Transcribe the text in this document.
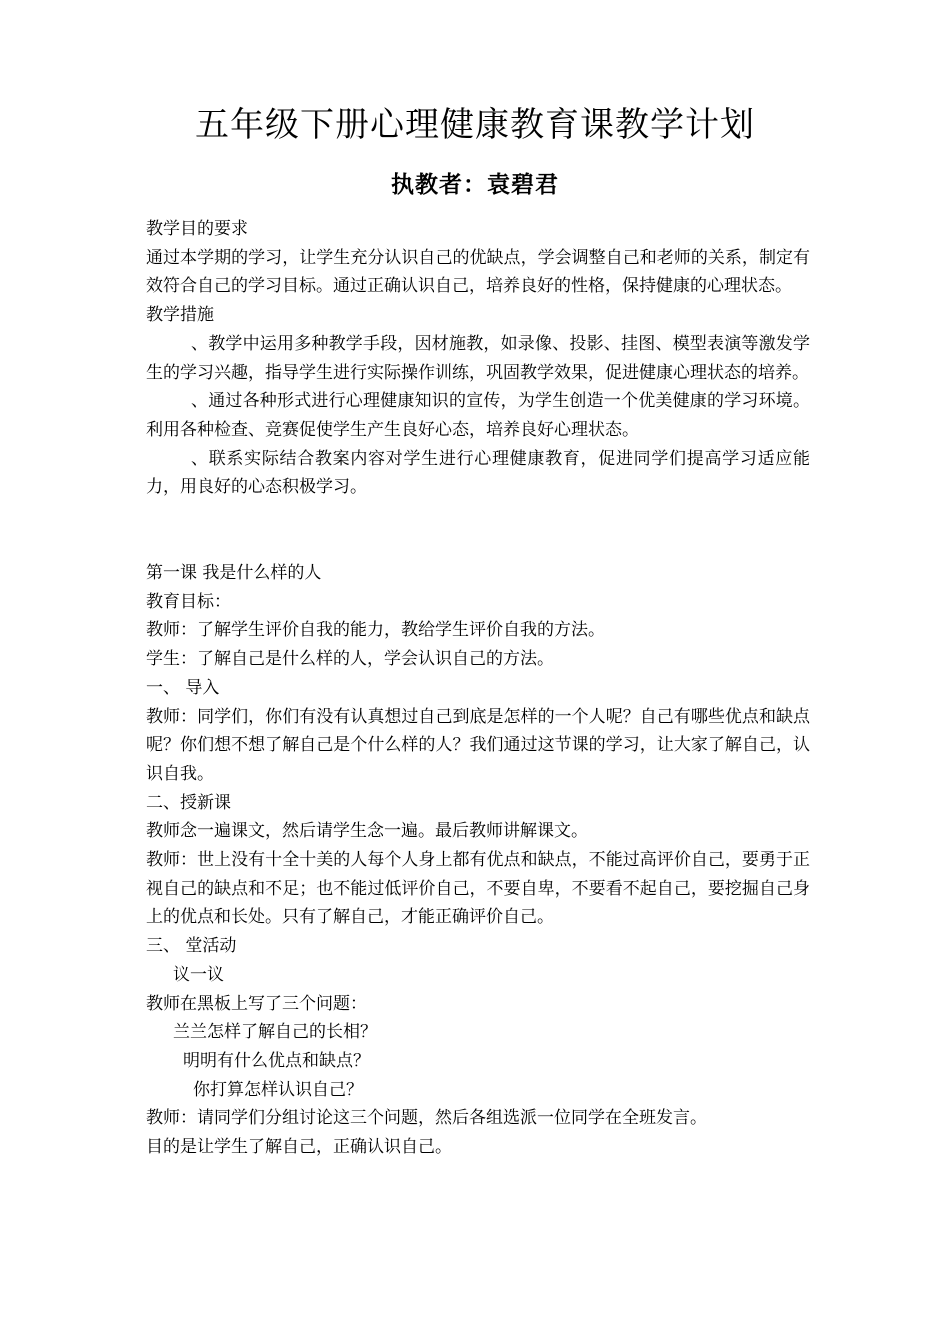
五年级下册心理健康教育课教学计划
执教者：袁碧君

教学目的要求

通过本学期的学习，让学生充分认识自己的优缺点，学会调整自己和老师的关系，制定有效符合自己的学习目标。通过正确认识自己，培养良好的性格，保持健康的心理状态。

教学措施

、教学中运用多种教学手段，因材施教，如录像、投影、挂图、模型表演等激发学生的学习兴趣，指导学生进行实际操作训练，巩固教学效果，促进健康心理状态的培养。

、通过各种形式进行心理健康知识的宣传，为学生创造一个优美健康的学习环境。利用各种检查、竞赛促使学生产生良好心态，培养良好心理状态。

、联系实际结合教案内容对学生进行心理健康教育，促进同学们提高学习适应能力，用良好的心态积极学习。

第一课 我是什么样的人

教育目标：

教师：了解学生评价自我的能力，教给学生评价自我的方法。

学生：了解自己是什么样的人，学会认识自己的方法。

一、 导入

教师：同学们，你们有没有认真想过自己到底是怎样的一个人呢？自己有哪些优点和缺点呢？你们想不想了解自己是个什么样的人？我们通过这节课的学习，让大家了解自己，认识自我。

二、授新课

教师念一遍课文，然后请学生念一遍。最后教师讲解课文。

教师：世上没有十全十美的人每个人身上都有优点和缺点，不能过高评价自己，要勇于正视自己的缺点和不足；也不能过低评价自己，不要自卑，不要看不起自己，要挖掘自己身上的优点和长处。只有了解自己，才能正确评价自己。

三、 堂活动

议一议

教师在黑板上写了三个问题：

兰兰怎样了解自己的长相？

明明有什么优点和缺点？

你打算怎样认识自己？

教师：请同学们分组讨论这三个问题，然后各组选派一位同学在全班发言。

目的是让学生了解自己，正确认识自己。
